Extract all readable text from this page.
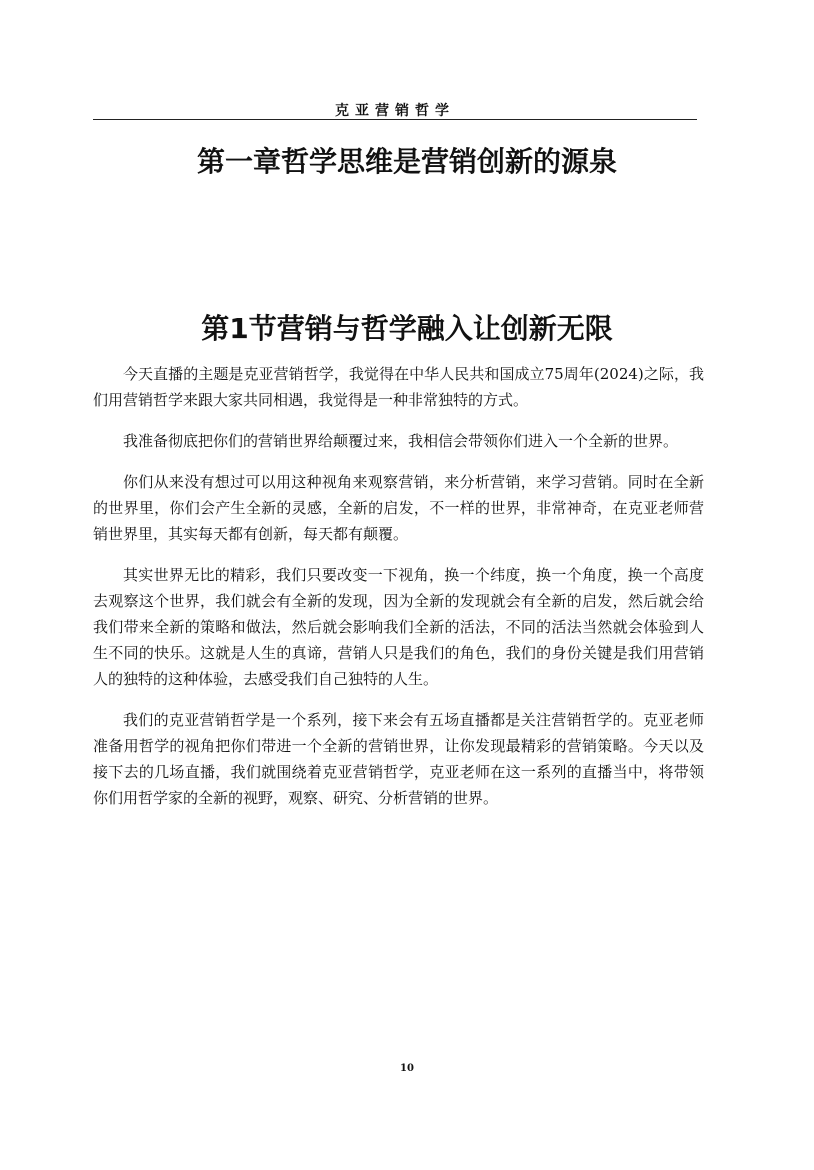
克亚营销哲学
第一章哲学思维是营销创新的源泉
第1节营销与哲学融入让创新无限

今天直播的主题是克亚营销哲学，我觉得在中华人民共和国成立75周年(2024)之际，我们用营销哲学来跟大家共同相遇，我觉得是一种非常独特的方式。

我准备彻底把你们的营销世界给颠覆过来，我相信会带领你们进入一个全新的世界。

你们从来没有想过可以用这种视角来观察营销，来分析营销，来学习营销。同时在全新的世界里，你们会产生全新的灵感，全新的启发，不一样的世界，非常神奇，在克亚老师营销世界里，其实每天都有创新，每天都有颠覆。

其实世界无比的精彩，我们只要改变一下视角，换一个纬度，换一个角度，换一个高度去观察这个世界，我们就会有全新的发现，因为全新的发现就会有全新的启发，然后就会给我们带来全新的策略和做法，然后就会影响我们全新的活法，不同的活法当然就会体验到人生不同的快乐。这就是人生的真谛，营销人只是我们的角色，我们的身份关键是我们用营销人的独特的这种体验，去感受我们自己独特的人生。

我们的克亚营销哲学是一个系列，接下来会有五场直播都是关注营销哲学的。克亚老师准备用哲学的视角把你们带进一个全新的营销世界，让你发现最精彩的营销策略。今天以及接下去的几场直播，我们就围绕着克亚营销哲学，克亚老师在这一系列的直播当中，将带领你们用哲学家的全新的视野，观察、研究、分析营销的世界。

10
